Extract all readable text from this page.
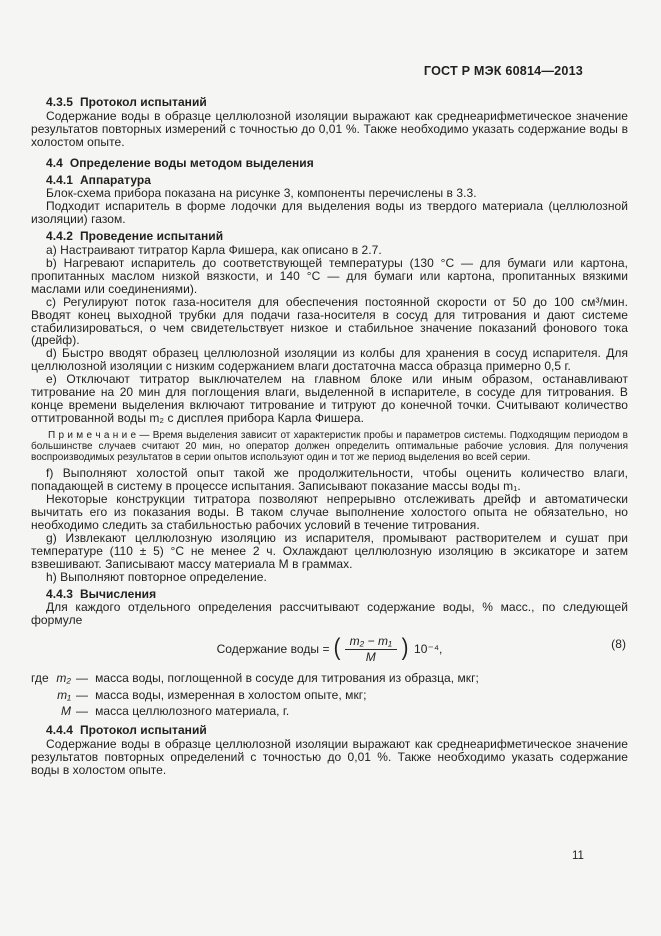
ГОСТ Р МЭК 60814—2013
4.3.5 Протокол испытаний

Содержание воды в образце целлюлозной изоляции выражают как среднеарифметическое значение результатов повторных измерений с точностью до 0,01 %. Также необходимо указать содержание воды в холостом опыте.

4.4 Определение воды методом выделения
4.4.1 Аппаратура

Блок-схема прибора показана на рисунке 3, компоненты перечислены в 3.3.

Подходит испаритель в форме лодочки для выделения воды из твердого материала (целлюлозной изоляции) газом.

4.4.2 Проведение испытаний

a) Настраивают титратор Карла Фишера, как описано в 2.7.

b) Нагревают испаритель до соответствующей температуры (130 °C — для бумаги или картона, пропитанных маслом низкой вязкости, и 140 °C — для бумаги или картона, пропитанных вязкими маслами или соединениями).

c) Регулируют поток газа-носителя для обеспечения постоянной скорости от 50 до 100 см³/мин. Вводят конец выходной трубки для подачи газа-носителя в сосуд для титрования и дают системе стабилизироваться, о чем свидетельствует низкое и стабильное значение показаний фонового тока (дрейф).

d) Быстро вводят образец целлюлозной изоляции из колбы для хранения в сосуд испарителя. Для целлюлозной изоляции с низким содержанием влаги достаточна масса образца примерно 0,5 г.

e) Отключают титратор выключателем на главном блоке или иным образом, останавливают титрование на 20 мин для поглощения влаги, выделенной в испарителе, в сосуде для титрования. В конце времени выделения включают титрование и титруют до конечной точки. Считывают количество оттитрованной воды m₂ с дисплея прибора Карла Фишера.

П р и м е ч а н и е — Время выделения зависит от характеристик пробы и параметров системы. Подходящим периодом в большинстве случаев считают 20 мин, но оператор должен определить оптимальные рабочие условия. Для получения воспроизводимых результатов в серии опытов используют один и тот же период выделения во всей серии.

f) Выполняют холостой опыт такой же продолжительности, чтобы оценить количество влаги, попадающей в систему в процессе испытания. Записывают показание массы воды m₁.

Некоторые конструкции титратора позволяют непрерывно отслеживать дрейф и автоматически вычитать его из показания воды. В таком случае выполнение холостого опыта не обязательно, но необходимо следить за стабильностью рабочих условий в течение титрования.

g) Извлекают целлюлозную изоляцию из испарителя, промывают растворителем и сушат при температуре (110 ± 5) °C не менее 2 ч. Охлаждают целлюлозную изоляцию в эксикаторе и затем взвешивают. Записывают массу материала M в граммах.

h) Выполняют повторное определение.

4.4.3 Вычисления

Для каждого отдельного определения рассчитывают содержание воды, % масс., по следующей формуле

Содержание воды = ( $\frac{\text{m₂ − m₁}}{M}$ ) 10⁻⁴,	(8)
где m₂ — масса воды, поглощенной в сосуде для титрования из образца, мкг;
m₁ — масса воды, измеренная в холостом опыте, мкг;
M — масса целлюлозного материала, г.
4.4.4 Протокол испытаний

Содержание воды в образце целлюлозной изоляции выражают как среднеарифметическое значение результатов повторных определений с точностью до 0,01 %. Также необходимо указать содержание воды в холостом опыте.

11
